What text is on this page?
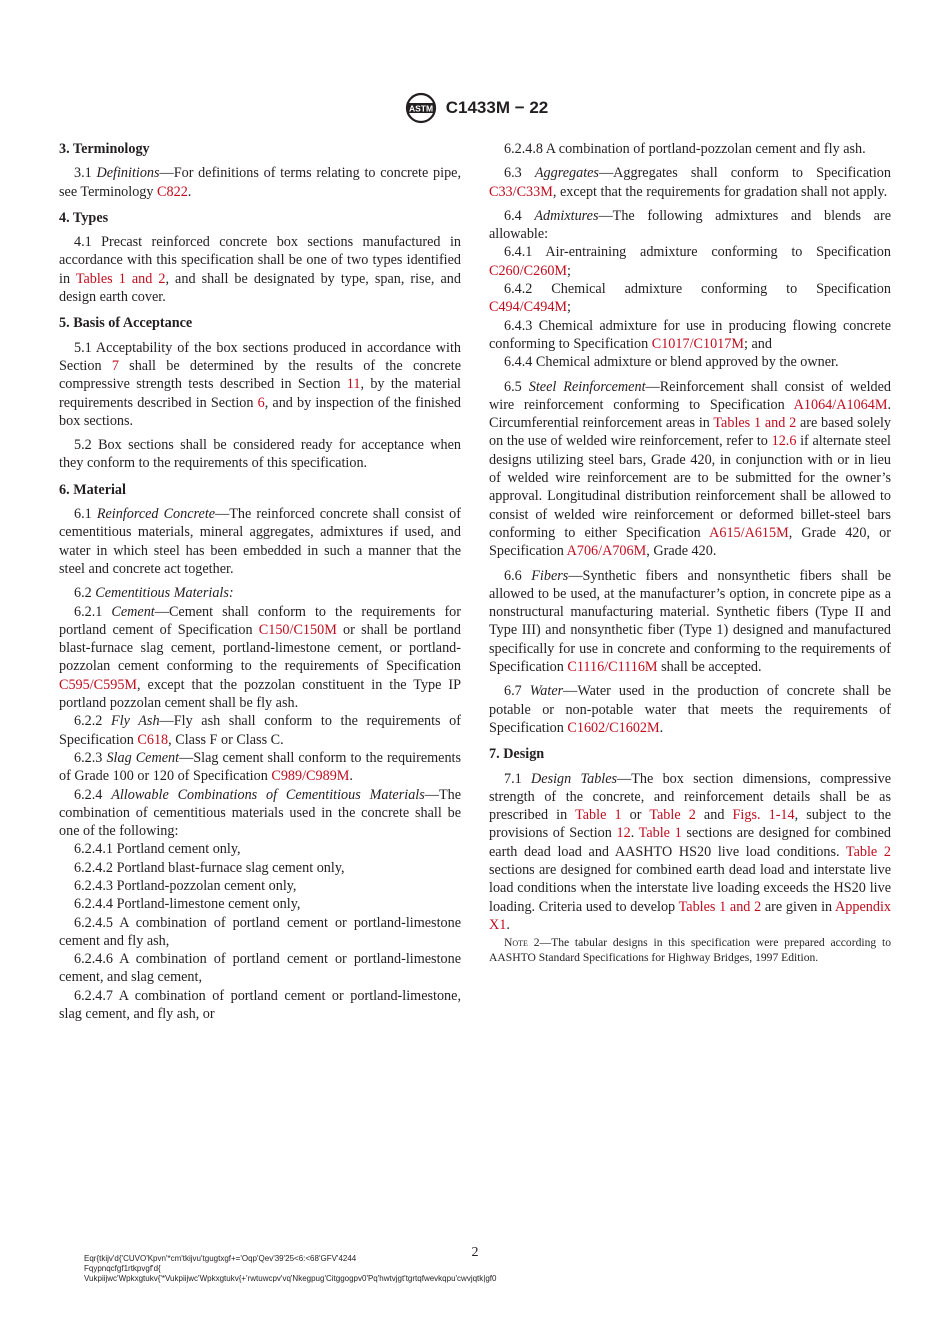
ASTM C1433M − 22

3. Terminology

3.1 Definitions—For definitions of terms relating to concrete pipe, see Terminology C822.

4. Types

4.1 Precast reinforced concrete box sections manufactured in accordance with this specification shall be one of two types identified in Tables 1 and 2, and shall be designated by type, span, rise, and design earth cover.

5. Basis of Acceptance

5.1 Acceptability of the box sections produced in accordance with Section 7 shall be determined by the results of the concrete compressive strength tests described in Section 11, by the material requirements described in Section 6, and by inspection of the finished box sections.

5.2 Box sections shall be considered ready for acceptance when they conform to the requirements of this specification.

6. Material

6.1 Reinforced Concrete—The reinforced concrete shall consist of cementitious materials, mineral aggregates, admixtures if used, and water in which steel has been embedded in such a manner that the steel and concrete act together.

6.2 Cementitious Materials:

6.2.1 Cement—Cement shall conform to the requirements for portland cement of Specification C150/C150M or shall be portland blast-furnace slag cement, portland-limestone cement, or portland-pozzolan cement conforming to the requirements of Specification C595/C595M, except that the pozzolan constituent in the Type IP portland pozzolan cement shall be fly ash.

6.2.2 Fly Ash—Fly ash shall conform to the requirements of Specification C618, Class F or Class C.

6.2.3 Slag Cement—Slag cement shall conform to the requirements of Grade 100 or 120 of Specification C989/C989M.

6.2.4 Allowable Combinations of Cementitious Materials—The combination of cementitious materials used in the concrete shall be one of the following:

6.2.4.1 Portland cement only,

6.2.4.2 Portland blast-furnace slag cement only,

6.2.4.3 Portland-pozzolan cement only,

6.2.4.4 Portland-limestone cement only,

6.2.4.5 A combination of portland cement or portland-limestone cement and fly ash,

6.2.4.6 A combination of portland cement or portland-limestone cement, and slag cement,

6.2.4.7 A combination of portland cement or portland-limestone, slag cement, and fly ash, or

6.2.4.8 A combination of portland-pozzolan cement and fly ash.

6.3 Aggregates—Aggregates shall conform to Specification C33/C33M, except that the requirements for gradation shall not apply.

6.4 Admixtures—The following admixtures and blends are allowable:

6.4.1 Air-entraining admixture conforming to Specification C260/C260M;

6.4.2 Chemical admixture conforming to Specification C494/C494M;

6.4.3 Chemical admixture for use in producing flowing concrete conforming to Specification C1017/C1017M; and

6.4.4 Chemical admixture or blend approved by the owner.

6.5 Steel Reinforcement—Reinforcement shall consist of welded wire reinforcement conforming to Specification A1064/A1064M. Circumferential reinforcement areas in Tables 1 and 2 are based solely on the use of welded wire reinforcement, refer to 12.6 if alternate steel designs utilizing steel bars, Grade 420, in conjunction with or in lieu of welded wire reinforcement are to be submitted for the owner’s approval. Longitudinal distribution reinforcement shall be allowed to consist of welded wire reinforcement or deformed billet-steel bars conforming to either Specification A615/A615M, Grade 420, or Specification A706/A706M, Grade 420.

6.6 Fibers—Synthetic fibers and nonsynthetic fibers shall be allowed to be used, at the manufacturer’s option, in concrete pipe as a nonstructural manufacturing material. Synthetic fibers (Type II and Type III) and nonsynthetic fiber (Type 1) designed and manufactured specifically for use in concrete and conforming to the requirements of Specification C1116/C1116M shall be accepted.

6.7 Water—Water used in the production of concrete shall be potable or non-potable water that meets the requirements of Specification C1602/C1602M.

7. Design

7.1 Design Tables—The box section dimensions, compressive strength of the concrete, and reinforcement details shall be as prescribed in Table 1 or Table 2 and Figs. 1-14, subject to the provisions of Section 12. Table 1 sections are designed for combined earth dead load and AASHTO HS20 live load conditions. Table 2 sections are designed for combined earth dead load and interstate live load conditions when the interstate live loading exceeds the HS20 live loading. Criteria used to develop Tables 1 and 2 are given in Appendix X1.

Note 2—The tabular designs in this specification were prepared according to AASHTO Standard Specifications for Highway Bridges, 1997 Edition.

2
Eqr{tkijv'd{'CUVO'Kpvn'*cm'tkijvu'tgugtxgf+='Oqp'Qev'39'25<6:<68'GFV'4244
Fqypnqcfgf1rtkpvgf'd{
Vukpiijwc'Wpkxgtukv{'*Vukpiijwc'Wpkxgtukv{+'rwtuwcpv'vq'Nkegpug'Citggogpv0'Pq'hwtvjgt'tgrtqfwevkqpu'cwvjqtk|gf0
